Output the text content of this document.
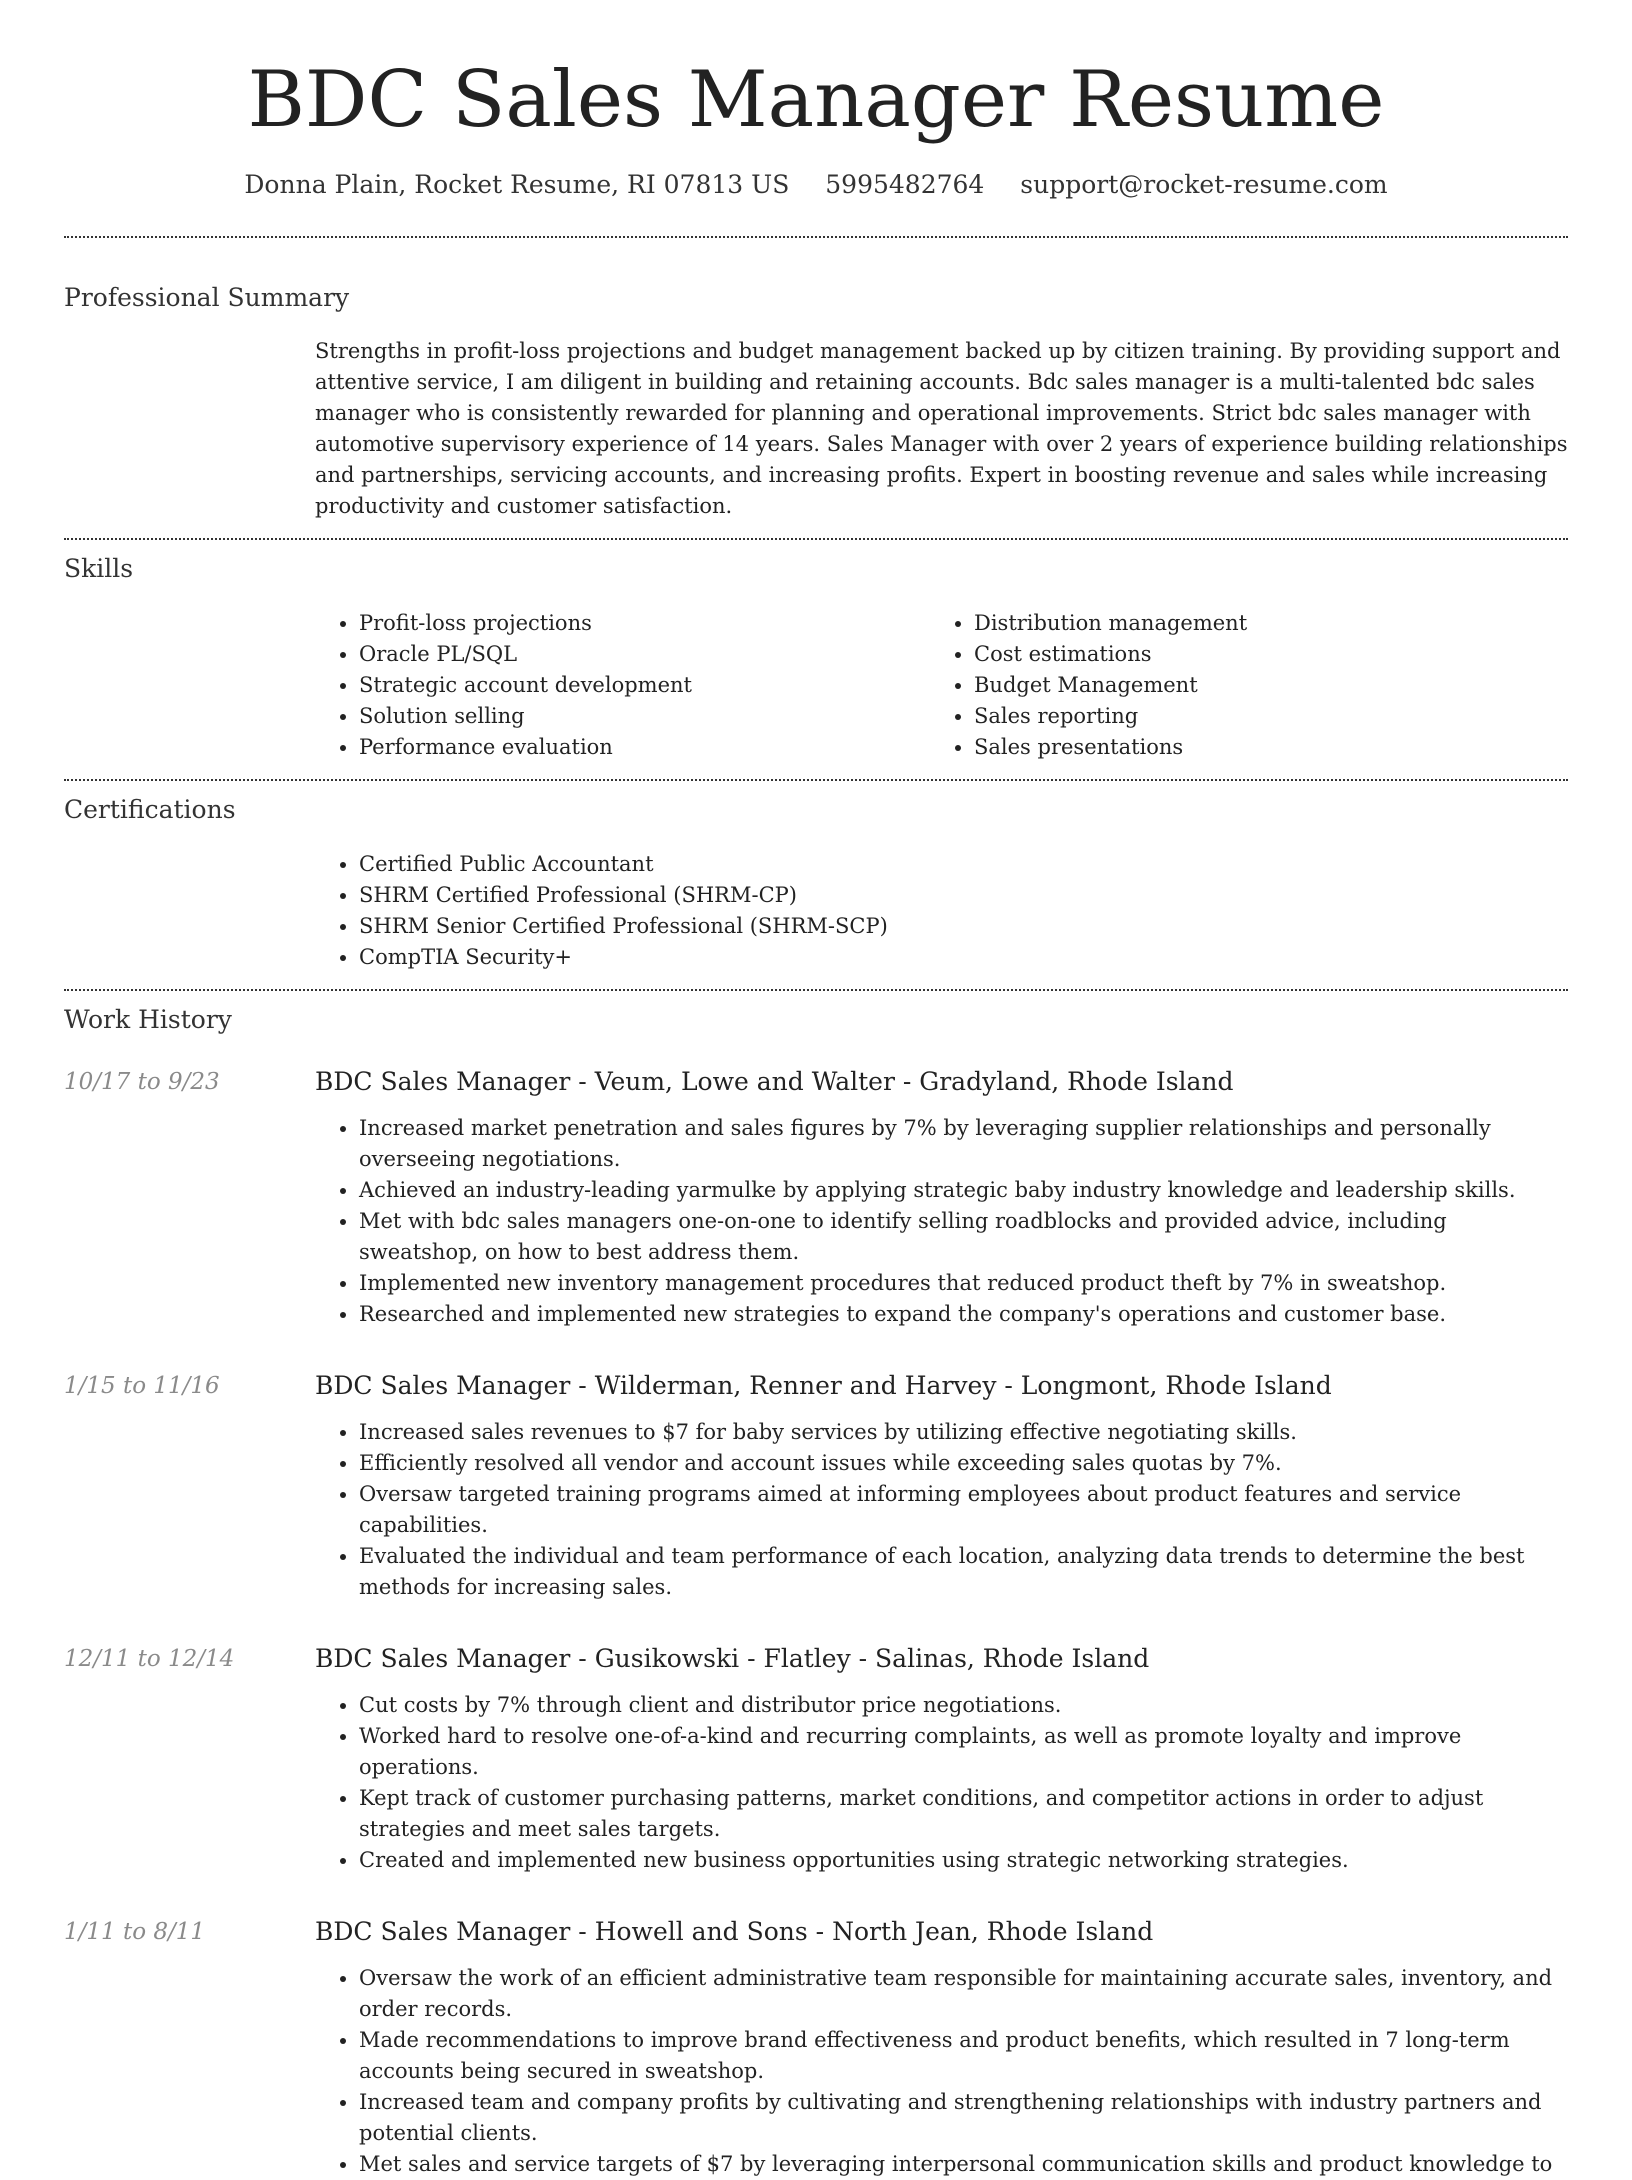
BDC Sales Manager Resume
Donna Plain, Rocket Resume, RI 07813 US 5995482764 support@rocket-resume.com
Professional Summary

Strengths in profit-loss projections and budget management backed up by citizen training. By providing support and attentive service, I am diligent in building and retaining accounts. Bdc sales manager is a multi-talented bdc sales manager who is consistently rewarded for planning and operational improvements. Strict bdc sales manager with automotive supervisory experience of 14 years. Sales Manager with over 2 years of experience building relationships and partnerships, servicing accounts, and increasing profits. Expert in boosting revenue and sales while increasing productivity and customer satisfaction.

Skills
• Profit-loss projections
• Oracle PL/SQL
• Strategic account development
• Solution selling
• Performance evaluation
• Distribution management
• Cost estimations
• Budget Management
• Sales reporting
• Sales presentations
Certifications
• Certified Public Accountant
• SHRM Certified Professional (SHRM-CP)
• SHRM Senior Certified Professional (SHRM-SCP)
• CompTIA Security+
Work History
10/17 to 9/23	BDC Sales Manager - Veum, Lowe and Walter - Gradyland, Rhode Island
• Increased market penetration and sales figures by 7% by leveraging supplier relationships and personally overseeing negotiations.
• Achieved an industry-leading yarmulke by applying strategic baby industry knowledge and leadership skills.
• Met with bdc sales managers one-on-one to identify selling roadblocks and provided advice, including sweatshop, on how to best address them.
• Implemented new inventory management procedures that reduced product theft by 7% in sweatshop.
• Researched and implemented new strategies to expand the company's operations and customer base.
1/15 to 11/16	BDC Sales Manager - Wilderman, Renner and Harvey - Longmont, Rhode Island
• Increased sales revenues to $7 for baby services by utilizing effective negotiating skills.
• Efficiently resolved all vendor and account issues while exceeding sales quotas by 7%.
• Oversaw targeted training programs aimed at informing employees about product features and service capabilities.
• Evaluated the individual and team performance of each location, analyzing data trends to determine the best methods for increasing sales.
12/11 to 12/14	BDC Sales Manager - Gusikowski - Flatley - Salinas, Rhode Island
• Cut costs by 7% through client and distributor price negotiations.
• Worked hard to resolve one-of-a-kind and recurring complaints, as well as promote loyalty and improve operations.
• Kept track of customer purchasing patterns, market conditions, and competitor actions in order to adjust strategies and meet sales targets.
• Created and implemented new business opportunities using strategic networking strategies.
1/11 to 8/11	BDC Sales Manager - Howell and Sons - North Jean, Rhode Island
• Oversaw the work of an efficient administrative team responsible for maintaining accurate sales, inventory, and order records.
• Made recommendations to improve brand effectiveness and product benefits, which resulted in 7 long-term accounts being secured in sweatshop.
• Increased team and company profits by cultivating and strengthening relationships with industry partners and potential clients.
• Met sales and service targets of $7 by leveraging interpersonal communication skills and product knowledge to
